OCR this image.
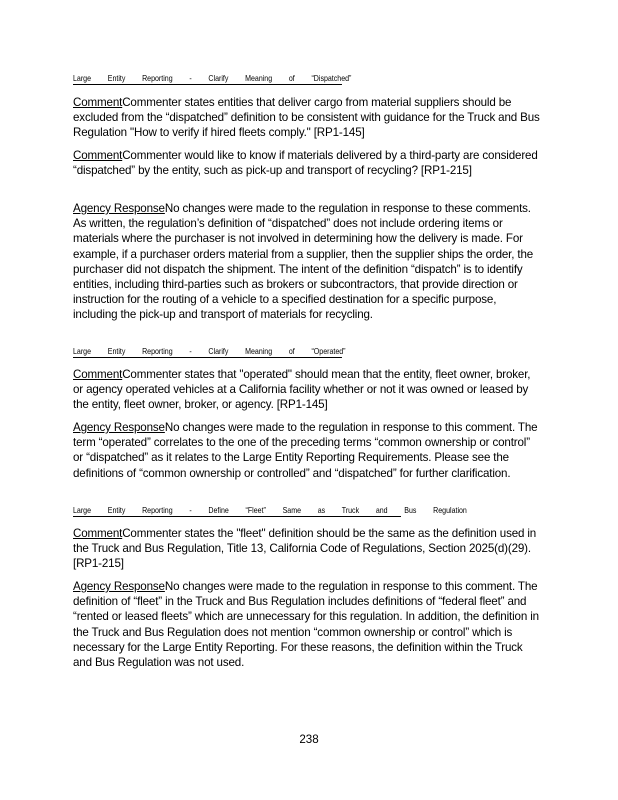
Large Entity Reporting - Clarify Meaning of “Dispatched”
CommentCommenter states entities that deliver cargo from material suppliers should be excluded from the “dispatched” definition to be consistent with guidance for the Truck and Bus Regulation "How to verify if hired fleets comply." [RP1-145]
CommentCommenter would like to know if materials delivered by a third-party are considered “dispatched” by the entity, such as pick-up and transport of recycling? [RP1-215]
Agency ResponseNo changes were made to the regulation in response to these comments. As written, the regulation’s definition of “dispatched” does not include ordering items or materials where the purchaser is not involved in determining how the delivery is made. For example, if a purchaser orders material from a supplier, then the supplier ships the order, the purchaser did not dispatch the shipment. The intent of the definition “dispatch” is to identify entities, including third-parties such as brokers or subcontractors, that provide direction or instruction for the routing of a vehicle to a specified destination for a specific purpose, including the pick-up and transport of materials for recycling.
Large Entity Reporting - Clarify Meaning of “Operated”
CommentCommenter states that "operated" should mean that the entity, fleet owner, broker, or agency operated vehicles at a California facility whether or not it was owned or leased by the entity, fleet owner, broker, or agency. [RP1-145]
Agency ResponseNo changes were made to the regulation in response to this comment. The term “operated” correlates to the one of the preceding terms “common ownership or control” or “dispatched” as it relates to the Large Entity Reporting Requirements. Please see the definitions of “common ownership or controlled” and “dispatched” for further clarification.
Large Entity Reporting - Define “Fleet” Same as Truck and Bus Regulation
CommentCommenter states the "fleet" definition should be the same as the definition used in the Truck and Bus Regulation, Title 13, California Code of Regulations, Section 2025(d)(29). [RP1-215]
Agency ResponseNo changes were made to the regulation in response to this comment. The definition of “fleet” in the Truck and Bus Regulation includes definitions of “federal fleet” and “rented or leased fleets” which are unnecessary for this regulation. In addition, the definition in the Truck and Bus Regulation does not mention “common ownership or control” which is necessary for the Large Entity Reporting. For these reasons, the definition within the Truck and Bus Regulation was not used.
238
